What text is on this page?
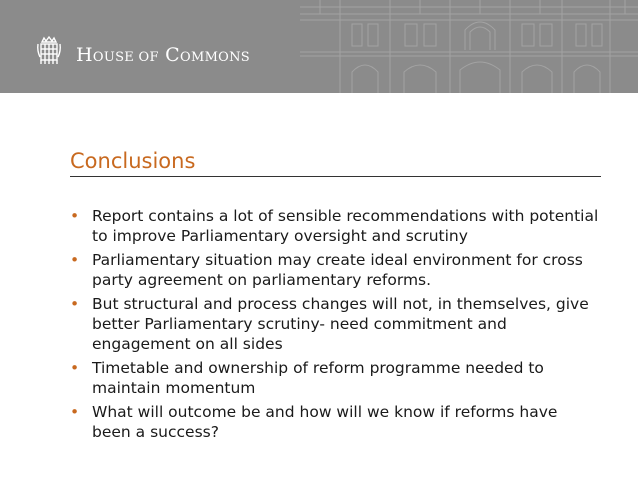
HOUSE OF COMMONS
Conclusions
• Report contains a lot of sensible recommendations with potential to improve Parliamentary oversight and scrutiny
• Parliamentary situation may create ideal environment for cross party agreement on parliamentary reforms.
• But structural and process changes will not, in themselves, give better Parliamentary scrutiny- need commitment and engagement on all sides
• Timetable and ownership of reform programme needed to maintain momentum
• What will outcome be and how will we know if reforms have been a success?
